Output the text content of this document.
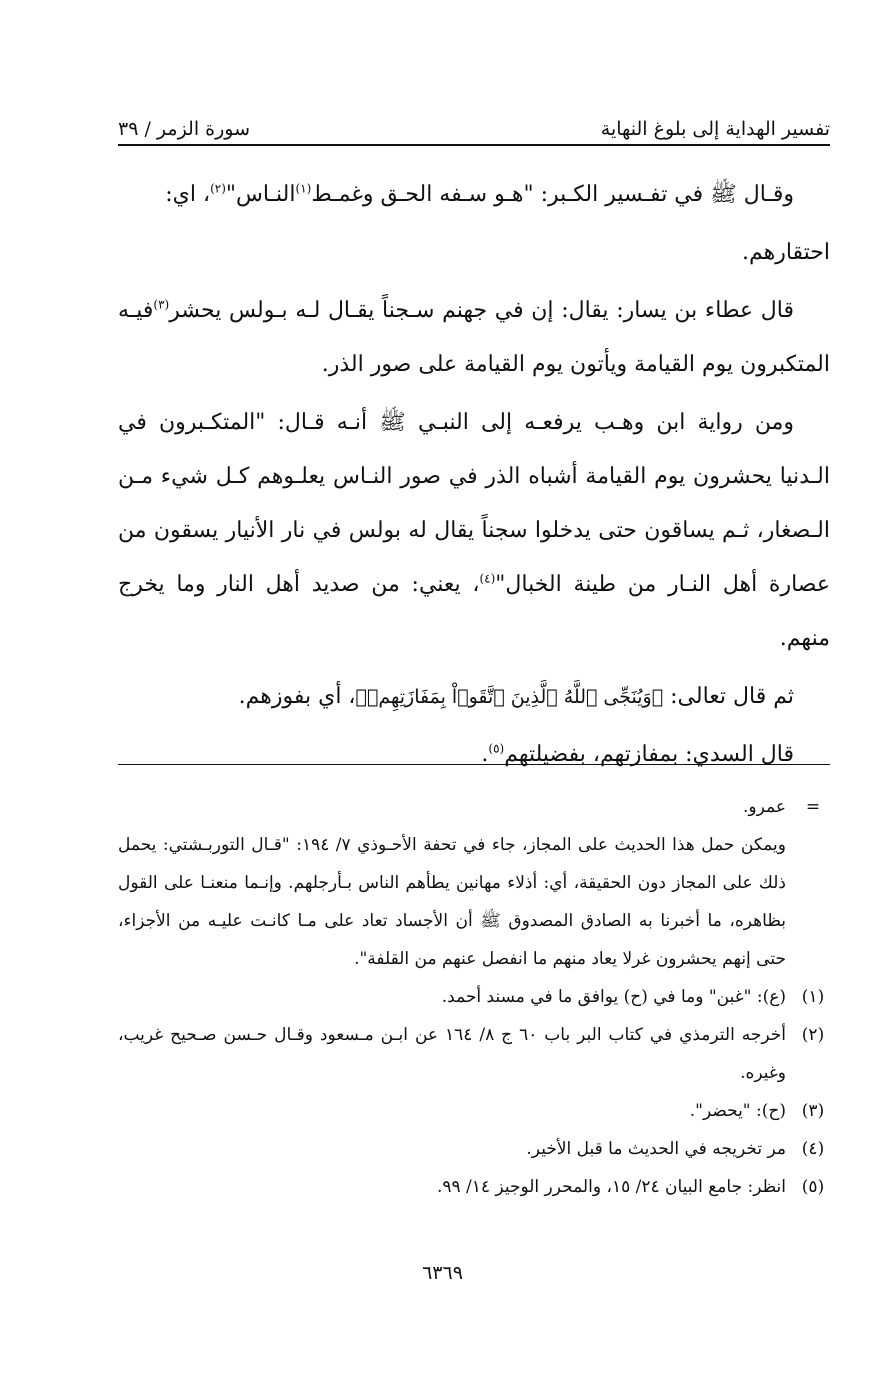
تفسير الهداية إلى بلوغ النهاية
سورة الزمر / ٣٩

وقـال ﷺ في تفـسير الكـبر: "هـو سـفه الحـق وغمـط$^{(١)}$النـاس"$^{(٢)}$، اي:

احتقارهم.

قال عطاء بن يسار: يقال: إن في جهنم سـجناً يقـال لـه بـولس يحشر$^{(٣)}$فيـه المتكبرون يوم القيامة ويأتون يوم القيامة على صور الذر.

ومن رواية ابن وهـب يرفعـه إلى النبـي ﷺ أنـه قـال: "المتكـبرون في الـدنيا يحشرون يوم القيامة أشباه الذر في صور النـاس يعلـوهم كـل شيء مـن الـصغار، ثـم يساقون حتى يدخلوا سجناً يقال له بولس في نار الأنيار يسقون من عصارة أهل النـار من طينة الخبال"$^{(٤)}$، يعني: من صديد أهل النار وما يخرج منهم.

ثم قال تعالى: ﴿وَيُنَجِّى ٱللَّهُ ٱلَّذِينَ ٱتَّقَوۡاْ بِمَفَازَتِهِمۡ﴾، أي بفوزهم.

قال السدي: بمفازتهم، بفضيلتهم$^{(٥)}$.

=

عمرو.

ويمكن حمل هذا الحديث على المجاز، جاء في تحفة الأحـوذي ٧/ ١٩٤: "قـال التوربـشتي: يحمل ذلك على المجاز دون الحقيقة، أي: أذلاء مهانين يطأهم الناس بـأرجلهم. وإنـما منعنـا على القول بظاهره، ما أخبرنا به الصادق المصدوق ﷺ أن الأجساد تعاد على مـا كانـت عليـه من الأجزاء، حتى إنهم يحشرون غرلا يعاد منهم ما انفصل عنهم من القلفة".

(١)
(ع): "غبن" وما في (ح) يوافق ما في مسند أحمد.
(٢)
أخرجه الترمذي في كتاب البر باب ٦٠ ج ٨/ ١٦٤ عن ابـن مـسعود وقـال حـسن صـحيح غريب، وغيره.
(٣)
(ح): "يحضر".
(٤)
مر تخريجه في الحديث ما قبل الأخير.
(٥)
انظر: جامع البيان ٢٤/ ١٥، والمحرر الوجيز ١٤/ ٩٩.
٦٣٦٩
